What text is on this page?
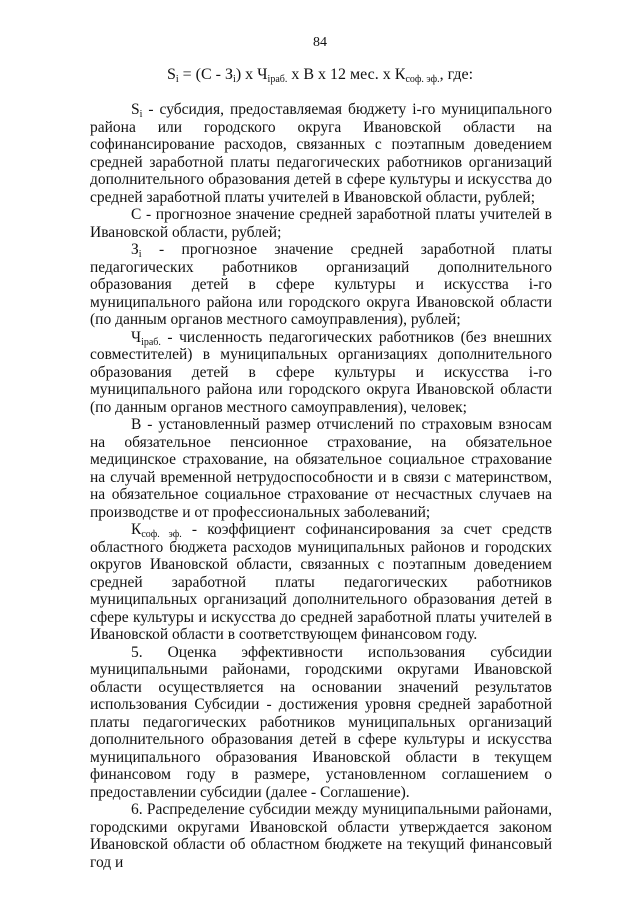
84
$S_i = (С - З_i)$ х $Ч_{iраб.}$ х В х 12 мес. х $К_{соф. эф.}$, где:

$S_i$ - субсидия, предоставляемая бюджету i-го муниципального района или городского округа Ивановской области на софинансирование расходов, связанных с поэтапным доведением средней заработной платы педагогических работников организаций дополнительного образования детей в сфере культуры и искусства до средней заработной платы учителей в Ивановской области, рублей;

С - прогнозное значение средней заработной платы учителей в Ивановской области, рублей;

$З_i$ - прогнозное значение средней заработной платы педагогических работников организаций дополнительного образования детей в сфере культуры и искусства i-го муниципального района или городского округа Ивановской области (по данным органов местного самоуправления), рублей;

$Ч_{iраб.}$ - численность педагогических работников (без внешних совместителей) в муниципальных организациях дополнительного образования детей в сфере культуры и искусства i-го муниципального района или городского округа Ивановской области (по данным органов местного самоуправления), человек;

В - установленный размер отчислений по страховым взносам на обязательное пенсионное страхование, на обязательное медицинское страхование, на обязательное социальное страхование на случай временной нетрудоспособности и в связи с материнством, на обязательное социальное страхование от несчастных случаев на производстве и от профессиональных заболеваний;

$К_{соф. эф.}$ - коэффициент софинансирования за счет средств областного бюджета расходов муниципальных районов и городских округов Ивановской области, связанных с поэтапным доведением средней заработной платы педагогических работников муниципальных организаций дополнительного образования детей в сфере культуры и искусства до средней заработной платы учителей в Ивановской области в соответствующем финансовом году.

5. Оценка эффективности использования субсидии муниципальными районами, городскими округами Ивановской области осуществляется на основании значений результатов использования Субсидии - достижения уровня средней заработной платы педагогических работников муниципальных организаций дополнительного образования детей в сфере культуры и искусства муниципального образования Ивановской области в текущем финансовом году в размере, установленном соглашением о предоставлении субсидии (далее - Соглашение).

6. Распределение субсидии между муниципальными районами, городскими округами Ивановской области утверждается законом Ивановской области об областном бюджете на текущий финансовый год и
